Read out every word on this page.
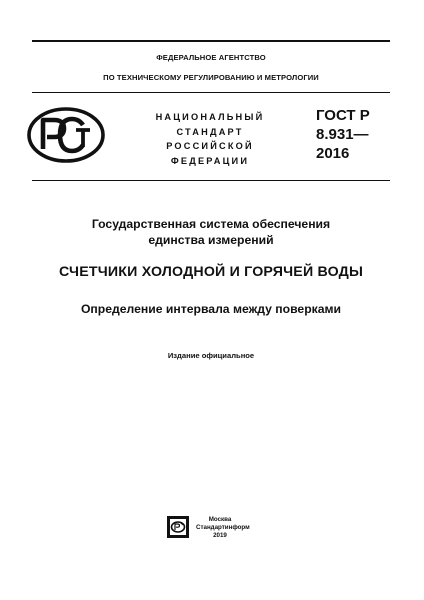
ФЕДЕРАЛЬНОЕ АГЕНТСТВО
ПО ТЕХНИЧЕСКОМУ РЕГУЛИРОВАНИЮ И МЕТРОЛОГИИ
НАЦИОНАЛЬНЫЙ
СТАНДАРТ
РОССИЙСКОЙ
ФЕДЕРАЦИИ
ГОСТ Р
8.931—
2016
Государственная система обеспечения
единства измерений
СЧЕТЧИКИ ХОЛОДНОЙ И ГОРЯЧЕЙ ВОДЫ
Определение интервала между поверками
Издание официальное
Москва
Стандартинформ
2019
